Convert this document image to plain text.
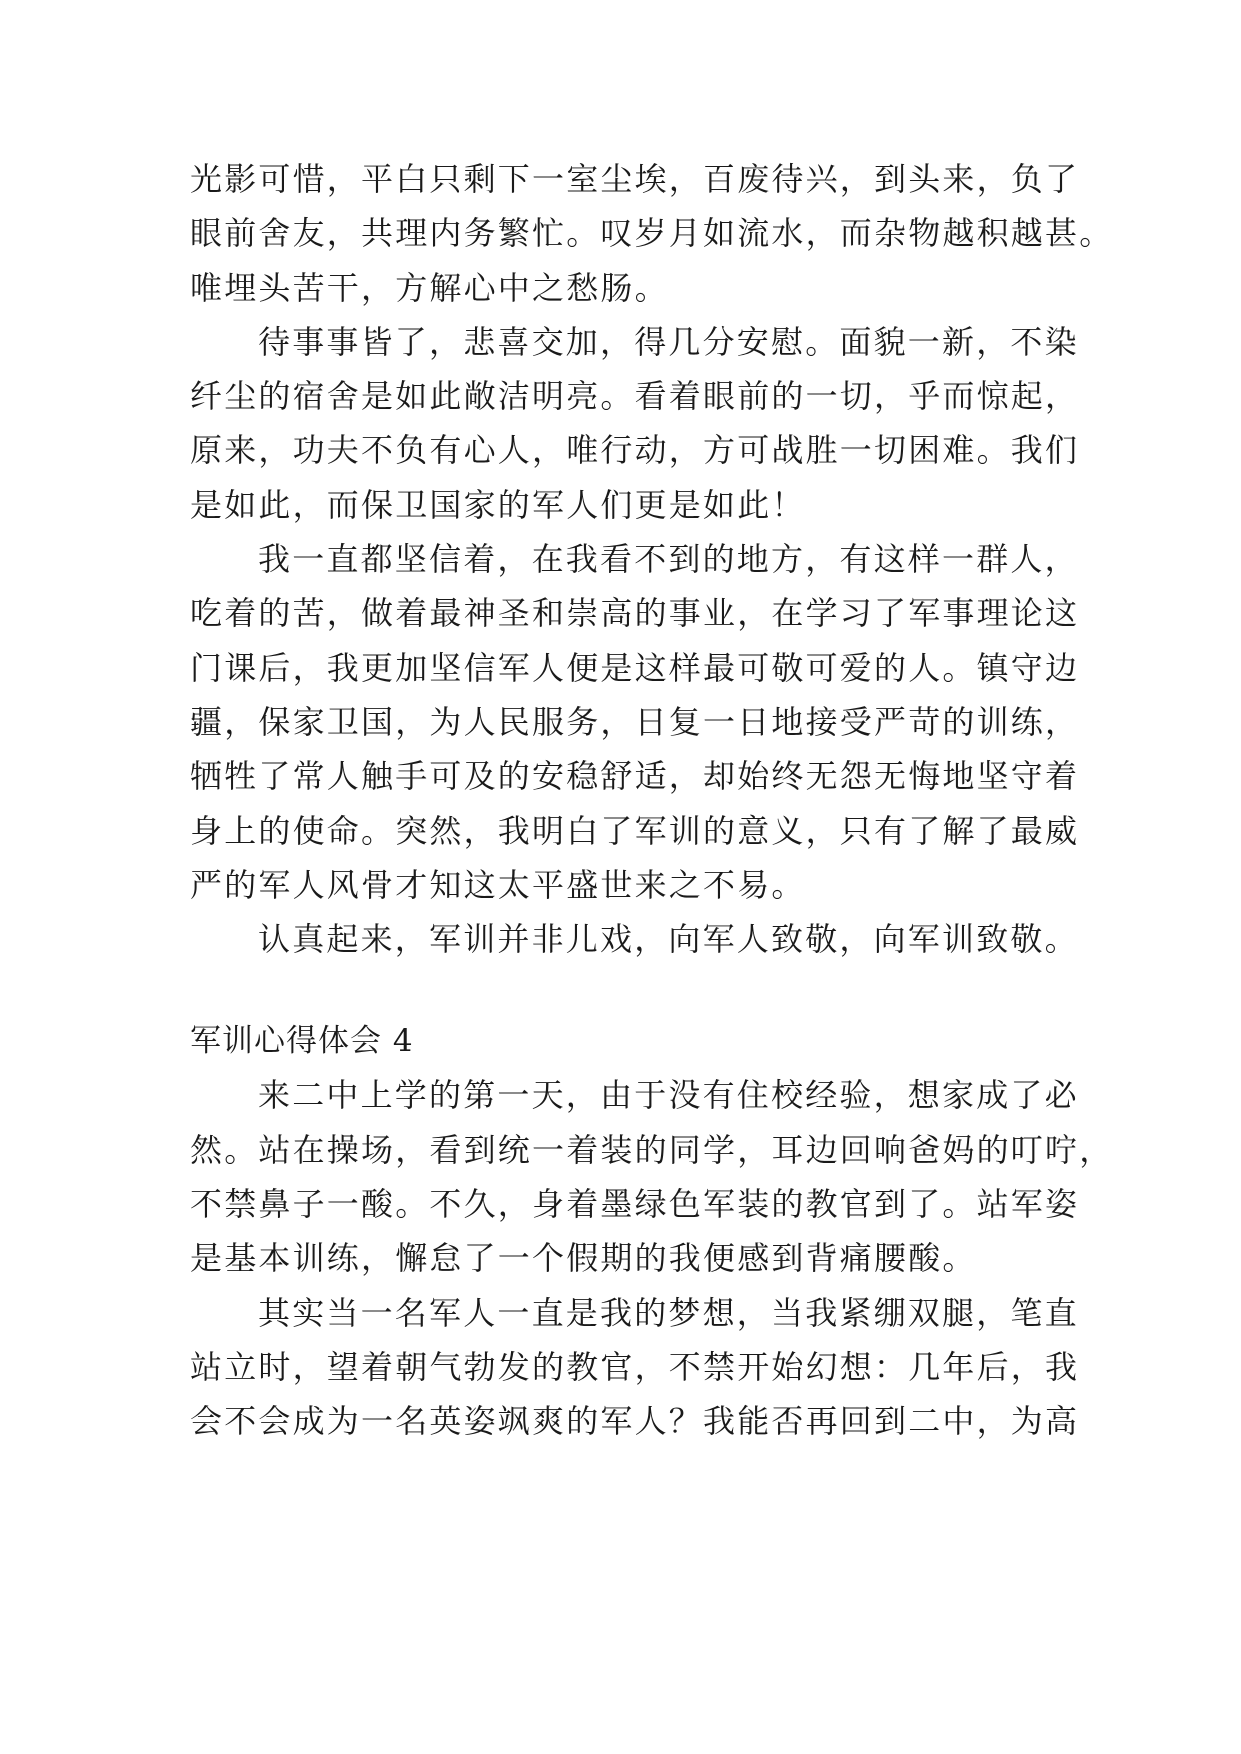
光影可惜，平白只剩下一室尘埃，百废待兴，到头来，负了
眼前舍友，共理内务繁忙。叹岁月如流水，而杂物越积越甚。
唯埋头苦干，方解心中之愁肠。
待事事皆了，悲喜交加，得几分安慰。面貌一新，不染
纤尘的宿舍是如此敞洁明亮。看着眼前的一切，乎而惊起，
原来，功夫不负有心人，唯行动，方可战胜一切困难。我们
是如此，而保卫国家的军人们更是如此！
我一直都坚信着，在我看不到的地方，有这样一群人，
吃着的苦，做着最神圣和崇高的事业，在学习了军事理论这
门课后，我更加坚信军人便是这样最可敬可爱的人。镇守边
疆，保家卫国，为人民服务，日复一日地接受严苛的训练，
牺牲了常人触手可及的安稳舒适，却始终无怨无悔地坚守着
身上的使命。突然，我明白了军训的意义，只有了解了最威
严的军人风骨才知这太平盛世来之不易。
认真起来，军训并非儿戏，向军人致敬，向军训致敬。
军训心得体会 4
来二中上学的第一天，由于没有住校经验，想家成了必
然。站在操场，看到统一着装的同学，耳边回响爸妈的叮咛，
不禁鼻子一酸。不久，身着墨绿色军装的教官到了。站军姿
是基本训练，懈怠了一个假期的我便感到背痛腰酸。
其实当一名军人一直是我的梦想，当我紧绷双腿，笔直
站立时，望着朝气勃发的教官，不禁开始幻想：几年后，我
会不会成为一名英姿飒爽的军人？我能否再回到二中，为高
